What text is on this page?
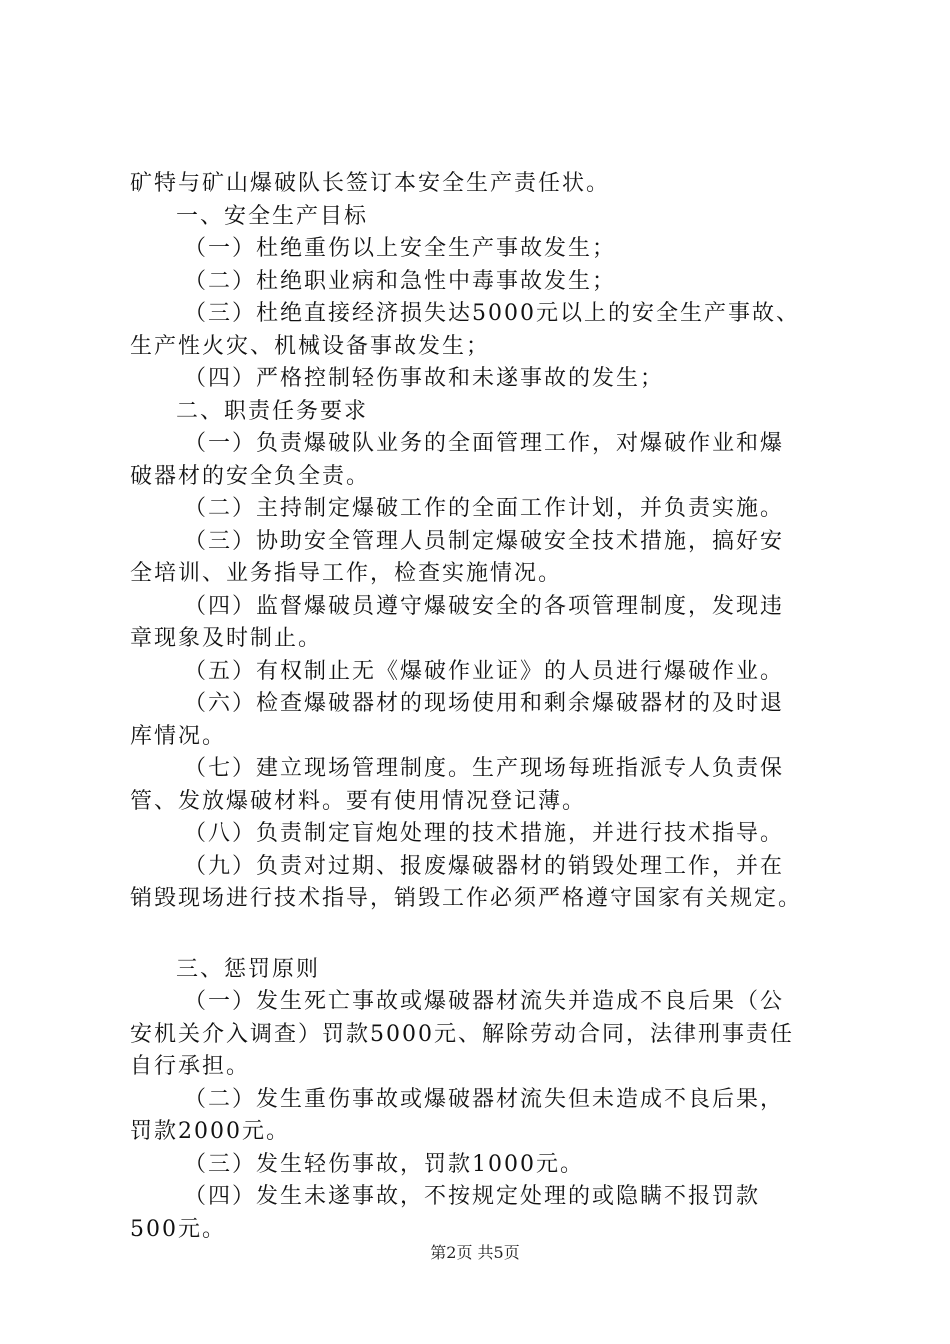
矿特与矿山爆破队长签订本安全生产责任状。
一、安全生产目标
（一）杜绝重伤以上安全生产事故发生；
（二）杜绝职业病和急性中毒事故发生；
（三）杜绝直接经济损失达5000元以上的安全生产事故、
生产性火灾、机械设备事故发生；
（四）严格控制轻伤事故和未遂事故的发生；
二、职责任务要求
（一）负责爆破队业务的全面管理工作，对爆破作业和爆
破器材的安全负全责。
（二）主持制定爆破工作的全面工作计划，并负责实施。
（三）协助安全管理人员制定爆破安全技术措施，搞好安
全培训、业务指导工作，检查实施情况。
（四）监督爆破员遵守爆破安全的各项管理制度，发现违
章现象及时制止。
（五）有权制止无《爆破作业证》的人员进行爆破作业。
（六）检查爆破器材的现场使用和剩余爆破器材的及时退
库情况。
（七）建立现场管理制度。生产现场每班指派专人负责保
管、发放爆破材料。要有使用情况登记薄。
（八）负责制定盲炮处理的技术措施，并进行技术指导。
（九）负责对过期、报废爆破器材的销毁处理工作，并在
销毁现场进行技术指导，销毁工作必须严格遵守国家有关规定。
三、惩罚原则
（一）发生死亡事故或爆破器材流失并造成不良后果（公
安机关介入调查）罚款5000元、解除劳动合同，法律刑事责任
自行承担。
（二）发生重伤事故或爆破器材流失但未造成不良后果，
罚款2000元。
（三）发生轻伤事故，罚款1000元。
（四）发生未遂事故，不按规定处理的或隐瞒不报罚款
500元。
第2页 共5页
